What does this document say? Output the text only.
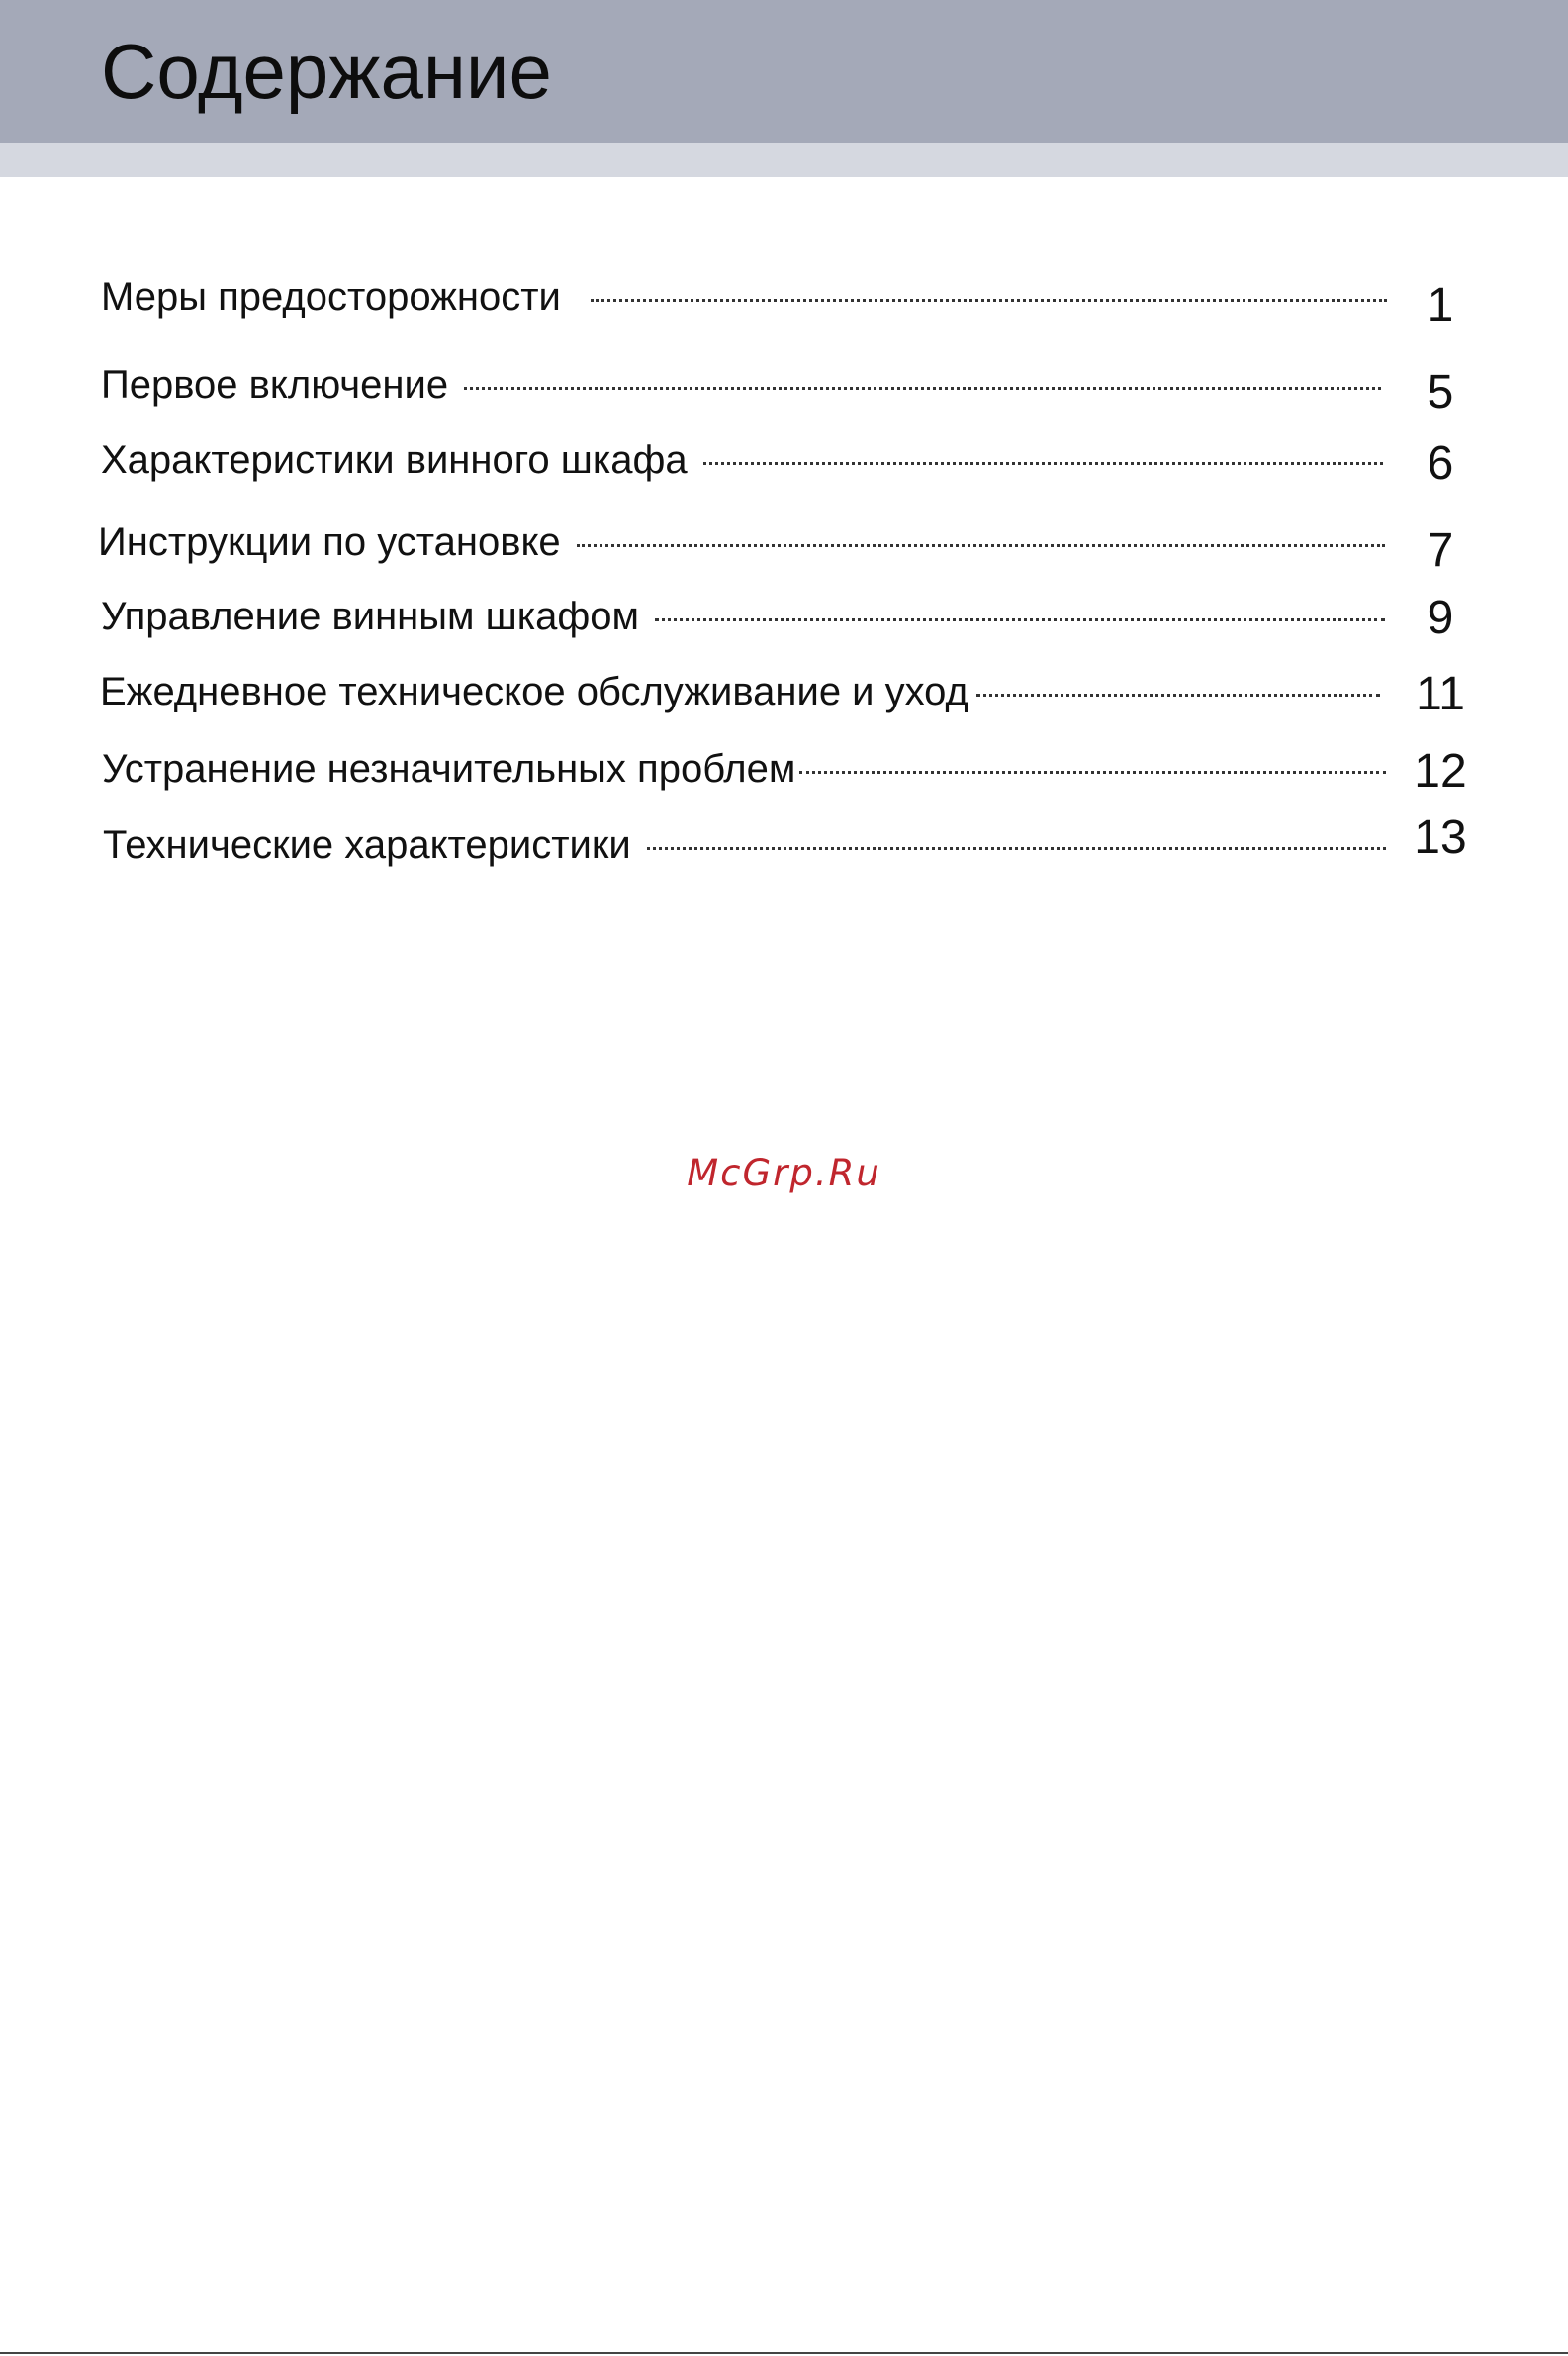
Содержание
Меры предосторожности	1
Первое включение	5
Характеристики винного шкафа	6
Инструкции по установке	7
Управление винным шкафом	9
Ежедневное техническое обслуживание и уход	11
Устранение незначительных проблем	12
Технические характеристики	13
McGrp.Ru
